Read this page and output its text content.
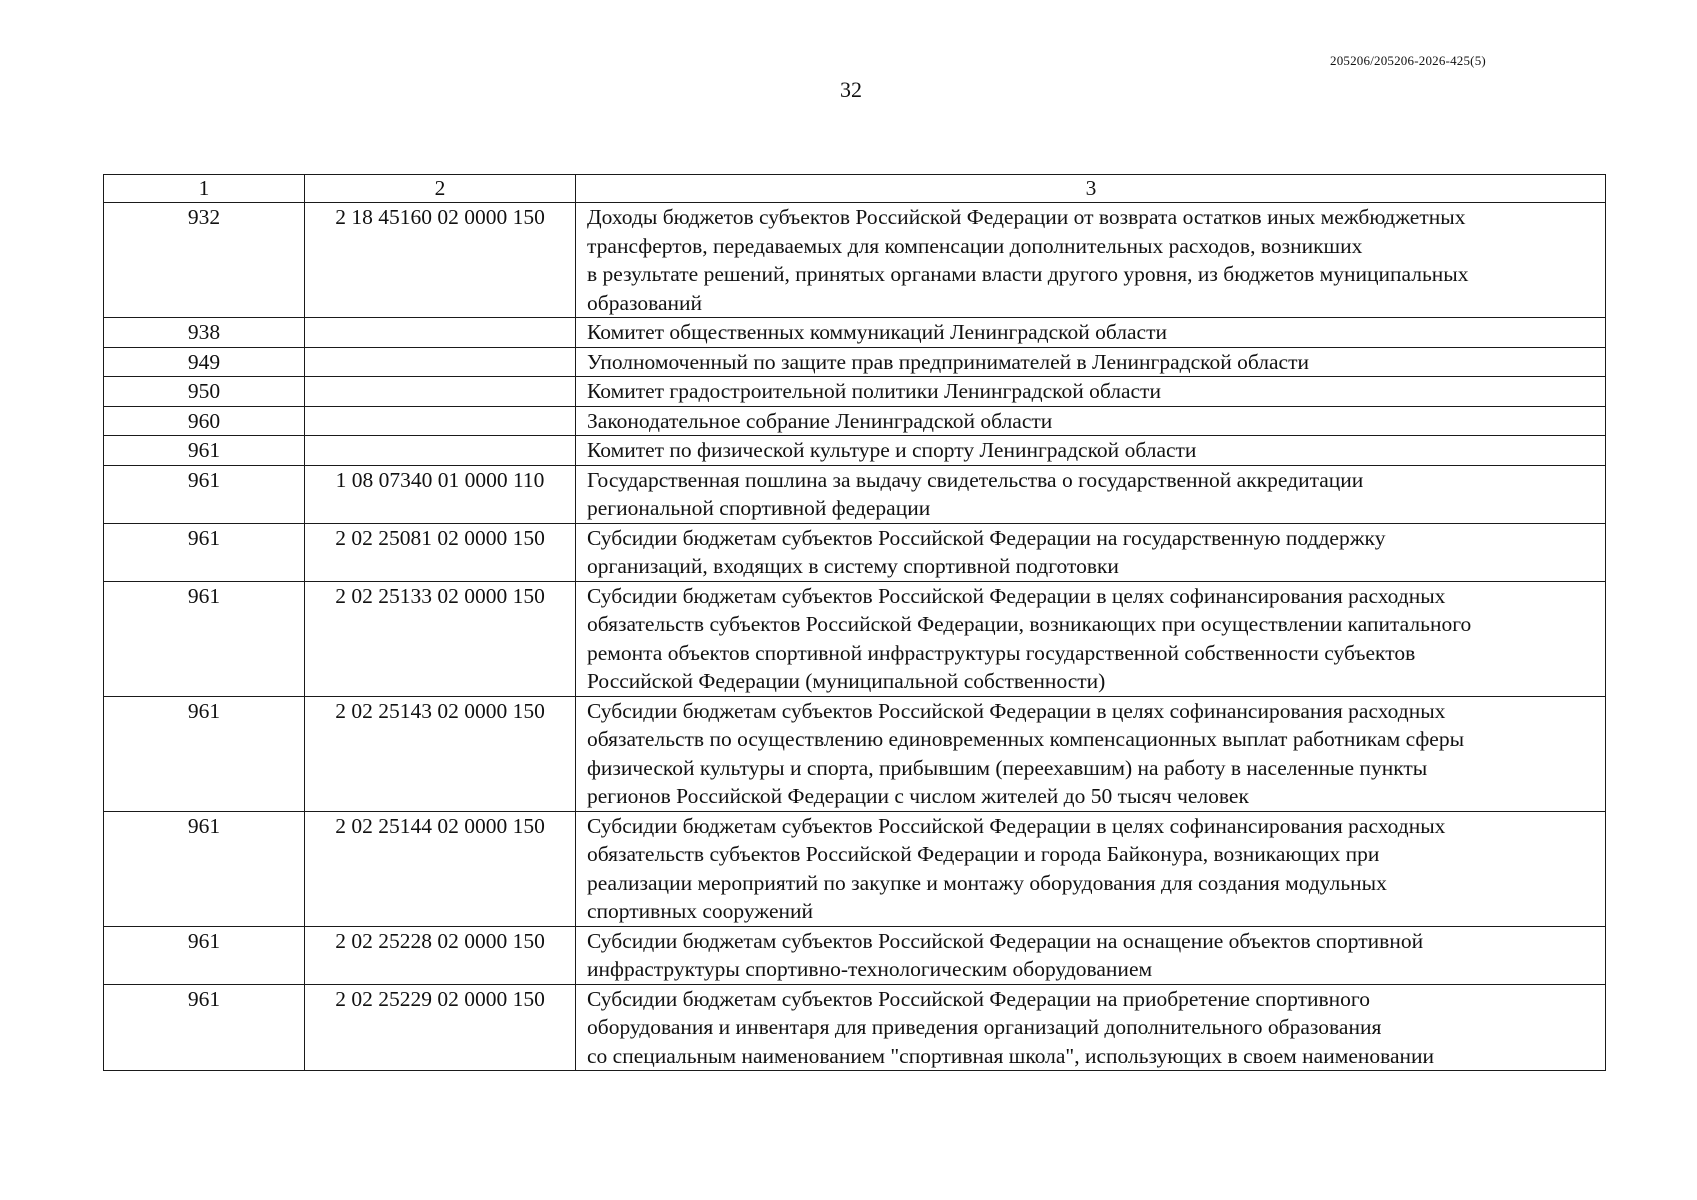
205206/205206-2026-425(5)
32
1	2	3
932	2 18 45160 02 0000 150	Доходы бюджетов субъектов Российской Федерации от возврата остатков иных межбюджетных
трансфертов, передаваемых для компенсации дополнительных расходов, возникших
в результате решений, принятых органами власти другого уровня, из бюджетов муниципальных
образований

938		Комитет общественных коммуникаций Ленинградской области

949		Уполномоченный по защите прав предпринимателей в Ленинградской области

950		Комитет градостроительной политики Ленинградской области

960		Законодательное собрание Ленинградской области

961		Комитет по физической культуре и спорту Ленинградской области

961	1 08 07340 01 0000 110	Государственная пошлина за выдачу свидетельства о государственной аккредитации
региональной спортивной федерации

961	2 02 25081 02 0000 150	Субсидии бюджетам субъектов Российской Федерации на государственную поддержку
организаций, входящих в систему спортивной подготовки

961	2 02 25133 02 0000 150	Субсидии бюджетам субъектов Российской Федерации в целях софинансирования расходных
обязательств субъектов Российской Федерации, возникающих при осуществлении капитального
ремонта объектов спортивной инфраструктуры государственной собственности субъектов
Российской Федерации (муниципальной собственности)

961	2 02 25143 02 0000 150	Субсидии бюджетам субъектов Российской Федерации в целях софинансирования расходных
обязательств по осуществлению единовременных компенсационных выплат работникам сферы
физической культуры и спорта, прибывшим (переехавшим) на работу в населенные пункты
регионов Российской Федерации с числом жителей до 50 тысяч человек

961	2 02 25144 02 0000 150	Субсидии бюджетам субъектов Российской Федерации в целях софинансирования расходных
обязательств субъектов Российской Федерации и города Байконура, возникающих при
реализации мероприятий по закупке и монтажу оборудования для создания модульных
спортивных сооружений

961	2 02 25228 02 0000 150	Субсидии бюджетам субъектов Российской Федерации на оснащение объектов спортивной
инфраструктуры спортивно-технологическим оборудованием

961	2 02 25229 02 0000 150	Субсидии бюджетам субъектов Российской Федерации на приобретение спортивного
оборудования и инвентаря для приведения организаций дополнительного образования
со специальным наименованием "спортивная школа", использующих в своем наименовании
